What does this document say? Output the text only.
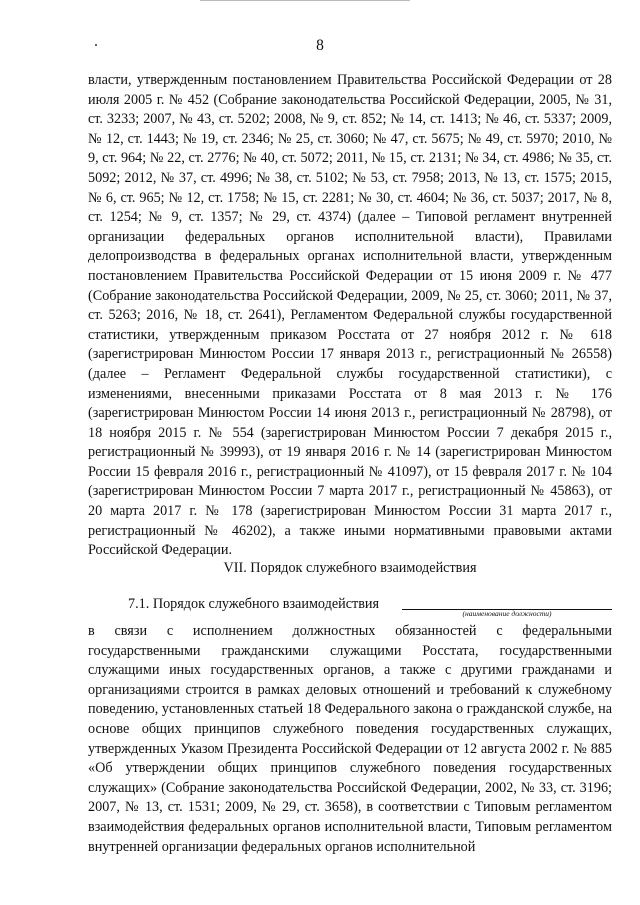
8

власти, утвержденным постановлением Правительства Российской Федерации от 28 июля 2005 г. № 452 (Собрание законодательства Российской Федерации, 2005, № 31, ст. 3233; 2007, № 43, ст. 5202; 2008, № 9, ст. 852; № 14, ст. 1413; № 46, ст. 5337; 2009, № 12, ст. 1443; № 19, ст. 2346; № 25, ст. 3060; № 47, ст. 5675; № 49, ст. 5970; 2010, № 9, ст. 964; № 22, ст. 2776; № 40, ст. 5072; 2011, № 15, ст. 2131; № 34, ст. 4986; № 35, ст. 5092; 2012, № 37, ст. 4996; № 38, ст. 5102; № 53, ст. 7958; 2013, № 13, ст. 1575; 2015, № 6, ст. 965; № 12, ст. 1758; № 15, ст. 2281; № 30, ст. 4604; № 36, ст. 5037; 2017, № 8, ст. 1254; № 9, ст. 1357; № 29, ст. 4374) (далее – Типовой регламент внутренней организации федеральных органов исполнительной власти), Правилами делопроизводства в федеральных органах исполнительной власти, утвержденным постановлением Правительства Российской Федерации от 15 июня 2009 г. № 477 (Собрание законодательства Российской Федерации, 2009, № 25, ст. 3060; 2011, № 37, ст. 5263; 2016, № 18, ст. 2641), Регламентом Федеральной службы государственной статистики, утвержденным приказом Росстата от 27 ноября 2012 г. № 618 (зарегистрирован Минюстом России 17 января 2013 г., регистрационный № 26558) (далее – Регламент Федеральной службы государственной статистики), с изменениями, внесенными приказами Росстата от 8 мая 2013 г. № 176 (зарегистрирован Минюстом России 14 июня 2013 г., регистрационный № 28798), от 18 ноября 2015 г. № 554 (зарегистрирован Минюстом России 7 декабря 2015 г., регистрационный № 39993), от 19 января 2016 г. № 14 (зарегистрирован Минюстом России 15 февраля 2016 г., регистрационный № 41097), от 15 февраля 2017 г. № 104 (зарегистрирован Минюстом России 7 марта 2017 г., регистрационный № 45863), от 20 марта 2017 г. № 178 (зарегистрирован Минюстом России 31 марта 2017 г., регистрационный № 46202), а также иными нормативными правовыми актами Российской Федерации.

VII. Порядок служебного взаимодействия
7.1. Порядок служебного взаимодействия
(наименование должности)

в связи с исполнением должностных обязанностей с федеральными государственными гражданскими служащими Росстата, государственными служащими иных государственных органов, а также с другими гражданами и организациями строится в рамках деловых отношений и требований к служебному поведению, установленных статьей 18 Федерального закона о гражданской службе, на основе общих принципов служебного поведения государственных служащих, утвержденных Указом Президента Российской Федерации от 12 августа 2002 г. № 885 «Об утверждении общих принципов служебного поведения государственных служащих» (Собрание законодательства Российской Федерации, 2002, № 33, ст. 3196; 2007, № 13, ст. 1531; 2009, № 29, ст. 3658), в соответствии с Типовым регламентом взаимодействия федеральных органов исполнительной власти, Типовым регламентом внутренней организации федеральных органов исполнительной
